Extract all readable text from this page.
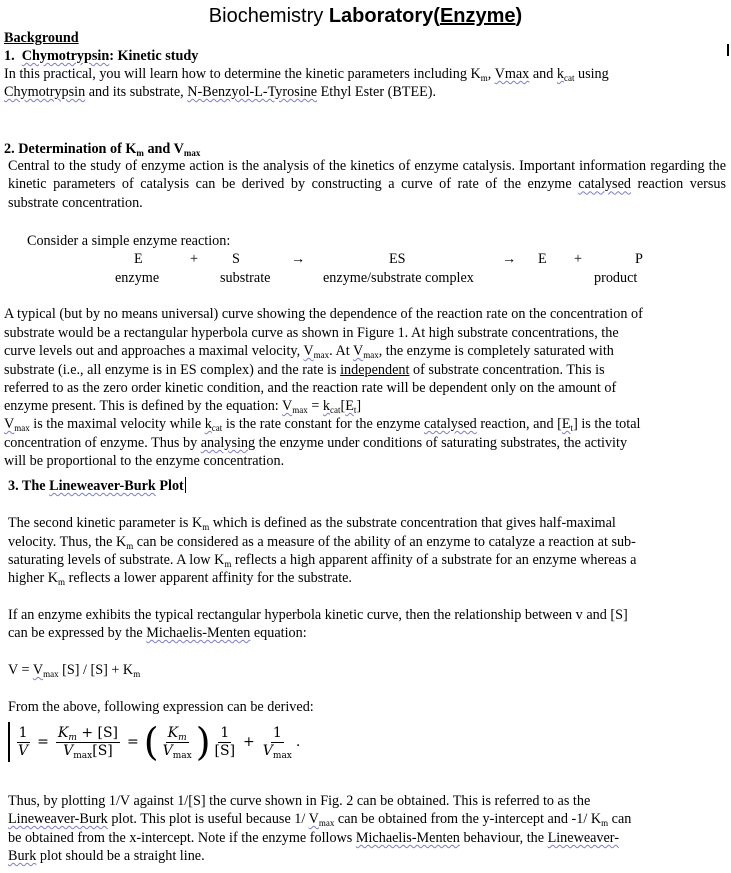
Biochemistry Laboratory(Enzyme)
Background
1. Chymotrypsin: Kinetic study
In this practical, you will learn how to determine the kinetic parameters including $K_m$, Vmax and $k_{cat}$ using
Chymotrypsin and its substrate, N-Benzyol-L-Tyrosine Ethyl Ester (BTEE).
2. Determination of $K_m$ and $V_{max}$
Central to the study of enzyme action is the analysis of the kinetics of enzyme catalysis. Important information regarding the kinetic parameters of catalysis can be derived by constructing a curve of rate of the enzyme catalysed reaction versus substrate concentration.
Consider a simple enzyme reaction:
E	+ S	→	ES	→ E +	P
enzyme	substrate	enzyme/substrate complex	product
A typical (but by no means universal) curve showing the dependence of the reaction rate on the concentration of
substrate would be a rectangular hyperbola curve as shown in Figure 1. At high substrate concentrations, the
curve levels out and approaches a maximal velocity, $V_{max}$. At $V_{max}$, the enzyme is completely saturated with
substrate (i.e., all enzyme is in ES complex) and the rate is independent of substrate concentration. This is
referred to as the zero order kinetic condition, and the reaction rate will be dependent only on the amount of
enzyme present. This is defined by the equation: $V_{max} = k_{cat}[E_t]$
$V_{max}$ is the maximal velocity while $k_{cat}$ is the rate constant for the enzyme catalysed reaction, and $[E_t]$ is the total
concentration of enzyme. Thus by analysing the enzyme under conditions of saturating substrates, the activity
will be proportional to the enzyme concentration.
3. The Lineweaver-Burk Plot
The second kinetic parameter is $K_m$ which is defined as the substrate concentration that gives half-maximal
velocity. Thus, the $K_m$ can be considered as a measure of the ability of an enzyme to catalyze a reaction at sub-
saturating levels of substrate. A low $K_m$ reflects a high apparent affinity of a substrate for an enzyme whereas a
higher $K_m$ reflects a lower apparent affinity for the substrate.
If an enzyme exhibits the typical rectangular hyperbola kinetic curve, then the relationship between v and [S]
can be expressed by the Michaelis-Menten equation:
$V = V_{max}$ $[S] / [S] + K_m$
From the above, following expression can be derived:
$\frac{1}{V} = \frac{K_m + [S]}{V_{max}[S]}$ = ( $\frac{K_m}{V_{max}}$ ) $\frac{1}{[S]} + \frac{1}{V_{max}}$ .
Thus, by plotting 1/V against 1/[S] the curve shown in Fig. 2 can be obtained. This is referred to as the
Lineweaver-Burk plot. This plot is useful because 1/ $V_{max}$ can be obtained from the y-intercept and -1/ $K_m$ can
be obtained from the x-intercept. Note if the enzyme follows Michaelis-Menten behaviour, the Lineweaver-
Burk plot should be a straight line.
